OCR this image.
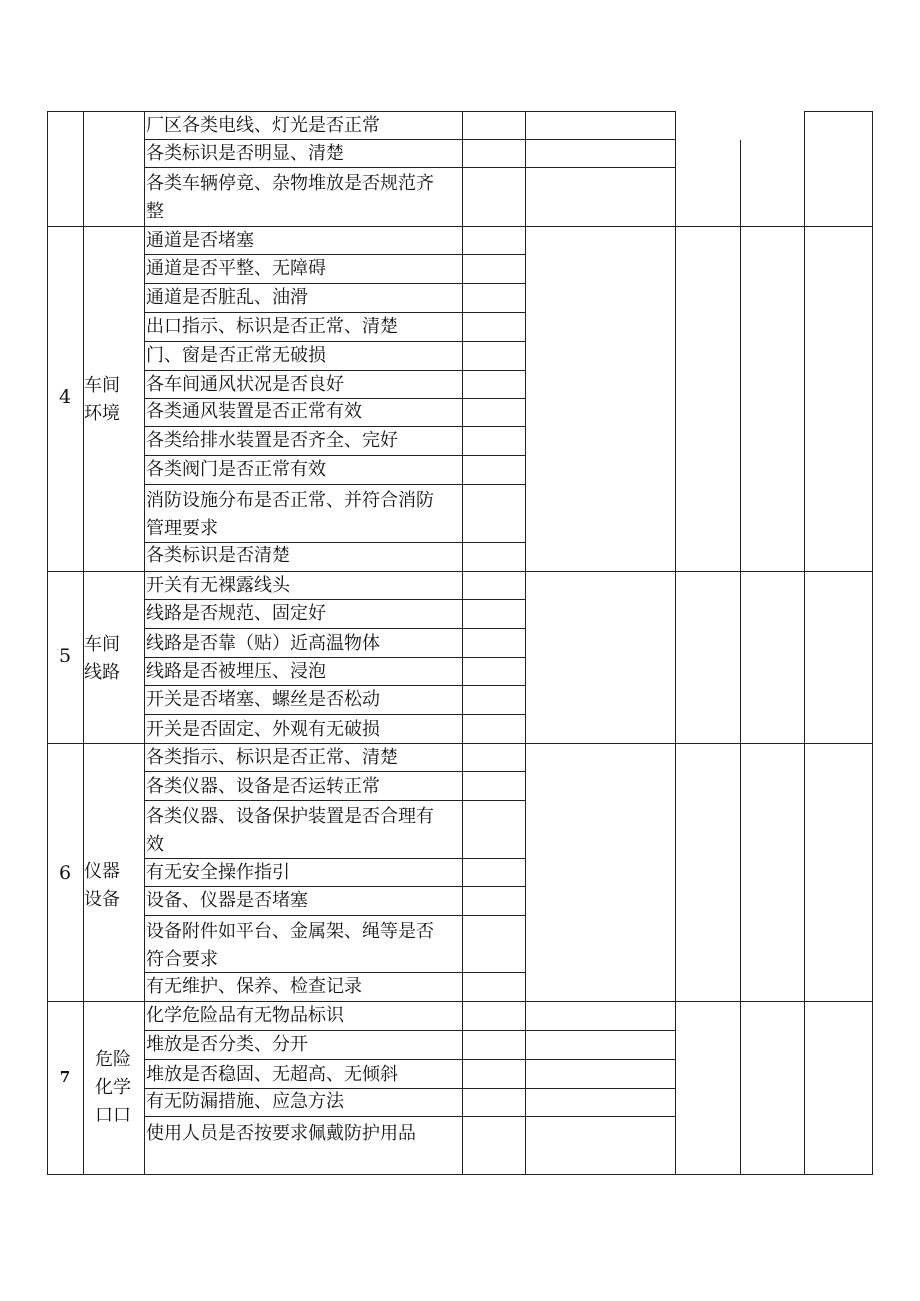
厂区各类电线、灯光是否正常
各类标识是否明显、清楚
各类车辆停竟、杂物堆放是否规范齐整
4
车间
环境
通道是否堵塞
通道是否平整、无障碍
通道是否脏乱、油滑
出口指示、标识是否正常、清楚
门、窗是否正常无破损
各车间通风状况是否良好
各类通风装置是否正常有效
各类给排水装置是否齐全、完好
各类阀门是否正常有效
消防设施分布是否正常、并符合消防管理要求
各类标识是否清楚
5
车间
线路
开关有无裸露线头
线路是否规范、固定好
线路是否靠（贴）近高温物体
线路是否被埋压、浸泡
开关是否堵塞、螺丝是否松动
开关是否固定、外观有无破损
6 仪器
设备
各类指示、标识是否正常、清楚
各类仪器、设备是否运转正常
各类仪器、设备保护装置是否合理有效
有无安全操作指引
设备、仪器是否堵塞
设备附件如平台、金属架、绳等是否符合要求
有无维护、保养、检查记录
7
危险
化学
口口
化学危险品有无物品标识
堆放是否分类、分开
堆放是否稳固、无超高、无倾斜
有无防漏措施、应急方法
使用人员是否按要求佩戴防护用品
